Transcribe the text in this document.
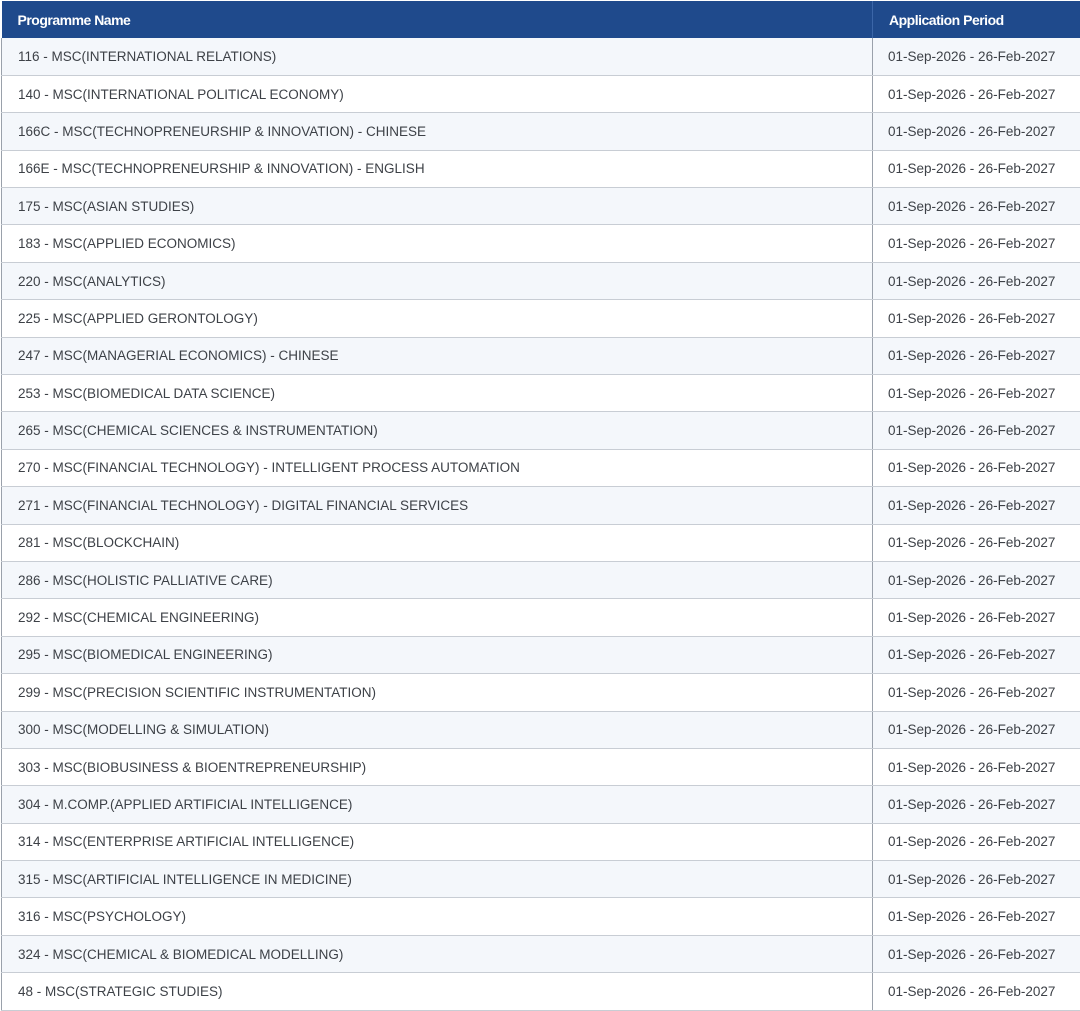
Programme Name	Application Period
116 - MSC(INTERNATIONAL RELATIONS)	01-Sep-2026 - 26-Feb-2027
140 - MSC(INTERNATIONAL POLITICAL ECONOMY)	01-Sep-2026 - 26-Feb-2027
166C - MSC(TECHNOPRENEURSHIP & INNOVATION) - CHINESE	01-Sep-2026 - 26-Feb-2027
166E - MSC(TECHNOPRENEURSHIP & INNOVATION) - ENGLISH	01-Sep-2026 - 26-Feb-2027
175 - MSC(ASIAN STUDIES)	01-Sep-2026 - 26-Feb-2027
183 - MSC(APPLIED ECONOMICS)	01-Sep-2026 - 26-Feb-2027
220 - MSC(ANALYTICS)	01-Sep-2026 - 26-Feb-2027
225 - MSC(APPLIED GERONTOLOGY)	01-Sep-2026 - 26-Feb-2027
247 - MSC(MANAGERIAL ECONOMICS) - CHINESE	01-Sep-2026 - 26-Feb-2027
253 - MSC(BIOMEDICAL DATA SCIENCE)	01-Sep-2026 - 26-Feb-2027
265 - MSC(CHEMICAL SCIENCES & INSTRUMENTATION)	01-Sep-2026 - 26-Feb-2027
270 - MSC(FINANCIAL TECHNOLOGY) - INTELLIGENT PROCESS AUTOMATION	01-Sep-2026 - 26-Feb-2027
271 - MSC(FINANCIAL TECHNOLOGY) - DIGITAL FINANCIAL SERVICES	01-Sep-2026 - 26-Feb-2027
281 - MSC(BLOCKCHAIN)	01-Sep-2026 - 26-Feb-2027
286 - MSC(HOLISTIC PALLIATIVE CARE)	01-Sep-2026 - 26-Feb-2027
292 - MSC(CHEMICAL ENGINEERING)	01-Sep-2026 - 26-Feb-2027
295 - MSC(BIOMEDICAL ENGINEERING)	01-Sep-2026 - 26-Feb-2027
299 - MSC(PRECISION SCIENTIFIC INSTRUMENTATION)	01-Sep-2026 - 26-Feb-2027
300 - MSC(MODELLING & SIMULATION)	01-Sep-2026 - 26-Feb-2027
303 - MSC(BIOBUSINESS & BIOENTREPRENEURSHIP)	01-Sep-2026 - 26-Feb-2027
304 - M.COMP.(APPLIED ARTIFICIAL INTELLIGENCE)	01-Sep-2026 - 26-Feb-2027
314 - MSC(ENTERPRISE ARTIFICIAL INTELLIGENCE)	01-Sep-2026 - 26-Feb-2027
315 - MSC(ARTIFICIAL INTELLIGENCE IN MEDICINE)	01-Sep-2026 - 26-Feb-2027
316 - MSC(PSYCHOLOGY)	01-Sep-2026 - 26-Feb-2027
324 - MSC(CHEMICAL & BIOMEDICAL MODELLING)	01-Sep-2026 - 26-Feb-2027
48 - MSC(STRATEGIC STUDIES)	01-Sep-2026 - 26-Feb-2027
